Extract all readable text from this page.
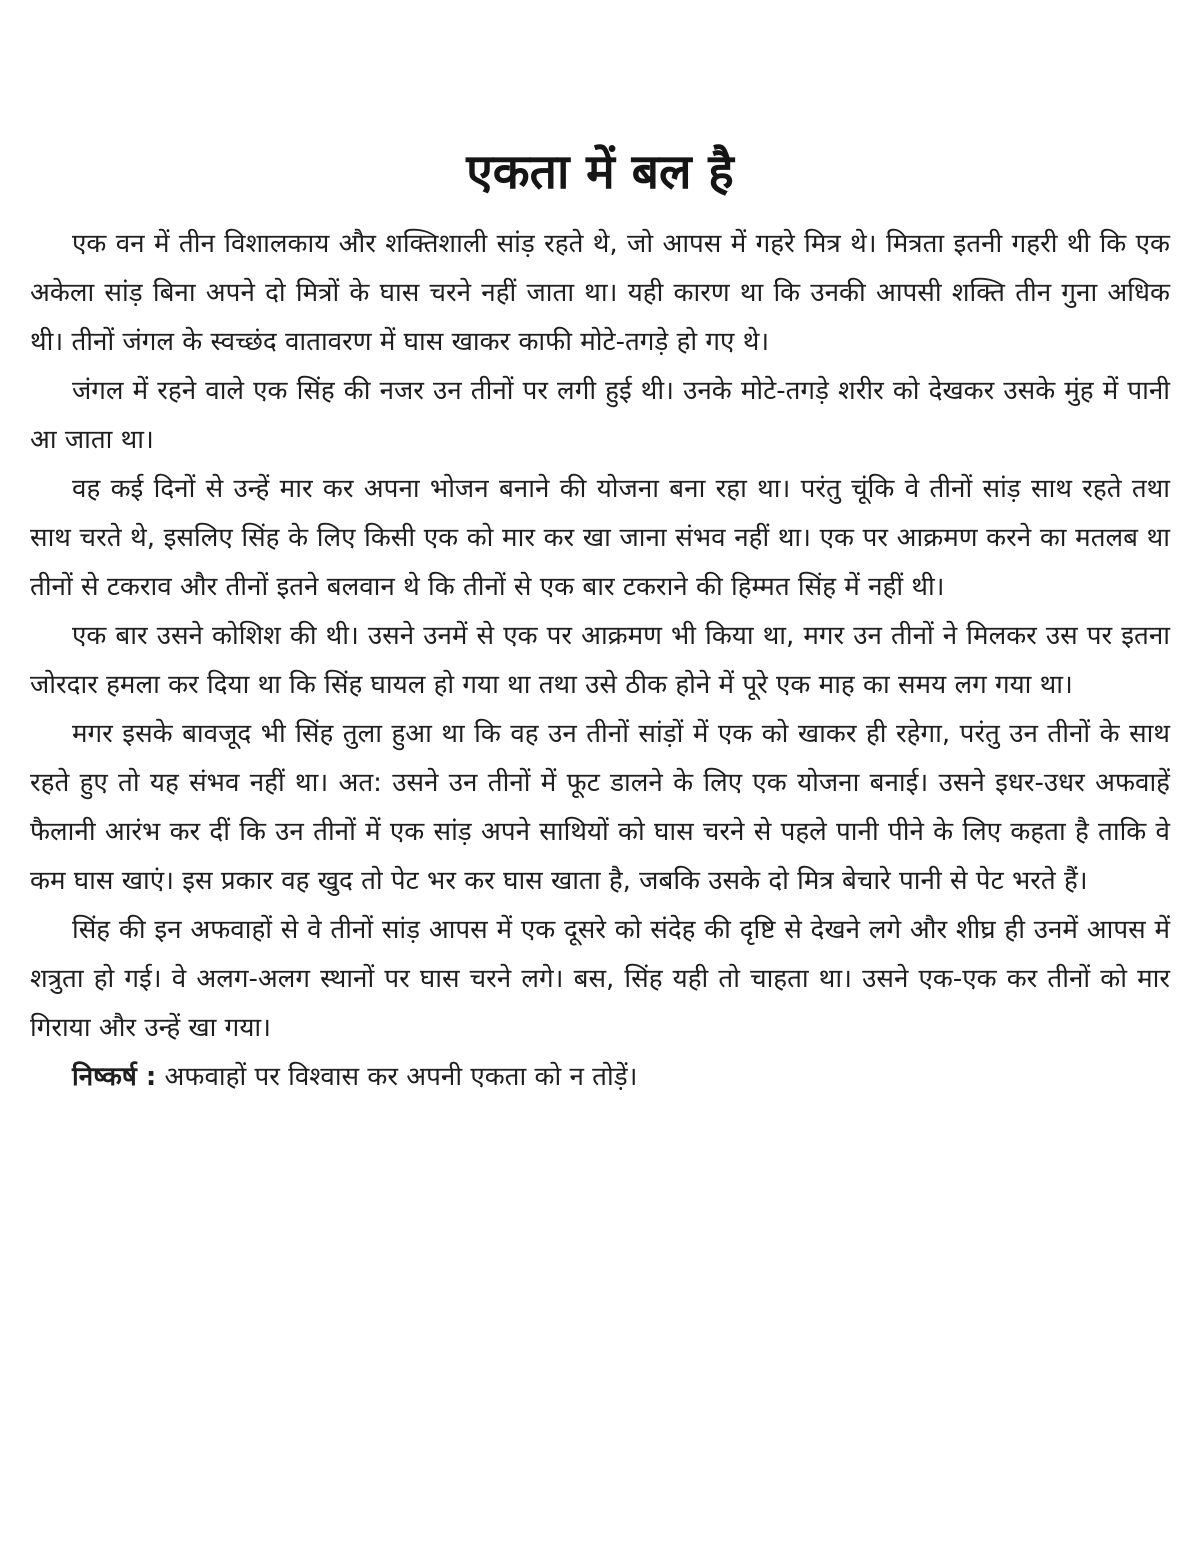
एकता में बल है

एक वन में तीन विशालकाय और शक्तिशाली सांड़ रहते थे, जो आपस में गहरे मित्र थे। मित्रता इतनी गहरी थी कि एक अकेला सांड़ बिना अपने दो मित्रों के घास चरने नहीं जाता था। यही कारण था कि उनकी आपसी शक्ति तीन गुना अधिक थी। तीनों जंगल के स्वच्छंद वातावरण में घास खाकर काफी मोटे-तगड़े हो गए थे।

जंगल में रहने वाले एक सिंह की नजर उन तीनों पर लगी हुई थी। उनके मोटे-तगड़े शरीर को देखकर उसके मुंह में पानी आ जाता था।

वह कई दिनों से उन्हें मार कर अपना भोजन बनाने की योजना बना रहा था। परंतु चूंकि वे तीनों सांड़ साथ रहते तथा साथ चरते थे, इसलिए सिंह के लिए किसी एक को मार कर खा जाना संभव नहीं था। एक पर आक्रमण करने का मतलब था तीनों से टकराव और तीनों इतने बलवान थे कि तीनों से एक बार टकराने की हिम्मत सिंह में नहीं थी।

एक बार उसने कोशिश की थी। उसने उनमें से एक पर आक्रमण भी किया था, मगर उन तीनों ने मिलकर उस पर इतना जोरदार हमला कर दिया था कि सिंह घायल हो गया था तथा उसे ठीक होने में पूरे एक माह का समय लग गया था।

मगर इसके बावजूद भी सिंह तुला हुआ था कि वह उन तीनों सांड़ों में एक को खाकर ही रहेगा, परंतु उन तीनों के साथ रहते हुए तो यह संभव नहीं था। अत: उसने उन तीनों में फूट डालने के लिए एक योजना बनाई। उसने इधर-उधर अफवाहें फैलानी आरंभ कर दीं कि उन तीनों में एक सांड़ अपने साथियों को घास चरने से पहले पानी पीने के लिए कहता है ताकि वे कम घास खाएं। इस प्रकार वह खुद तो पेट भर कर घास खाता है, जबकि उसके दो मित्र बेचारे पानी से पेट भरते हैं।

सिंह की इन अफवाहों से वे तीनों सांड़ आपस में एक दूसरे को संदेह की दृष्टि से देखने लगे और शीघ्र ही उनमें आपस में शत्रुता हो गई। वे अलग-अलग स्थानों पर घास चरने लगे। बस, सिंह यही तो चाहता था। उसने एक-एक कर तीनों को मार गिराया और उन्हें खा गया।

निष्कर्ष : अफवाहों पर विश्वास कर अपनी एकता को न तोड़ें।
